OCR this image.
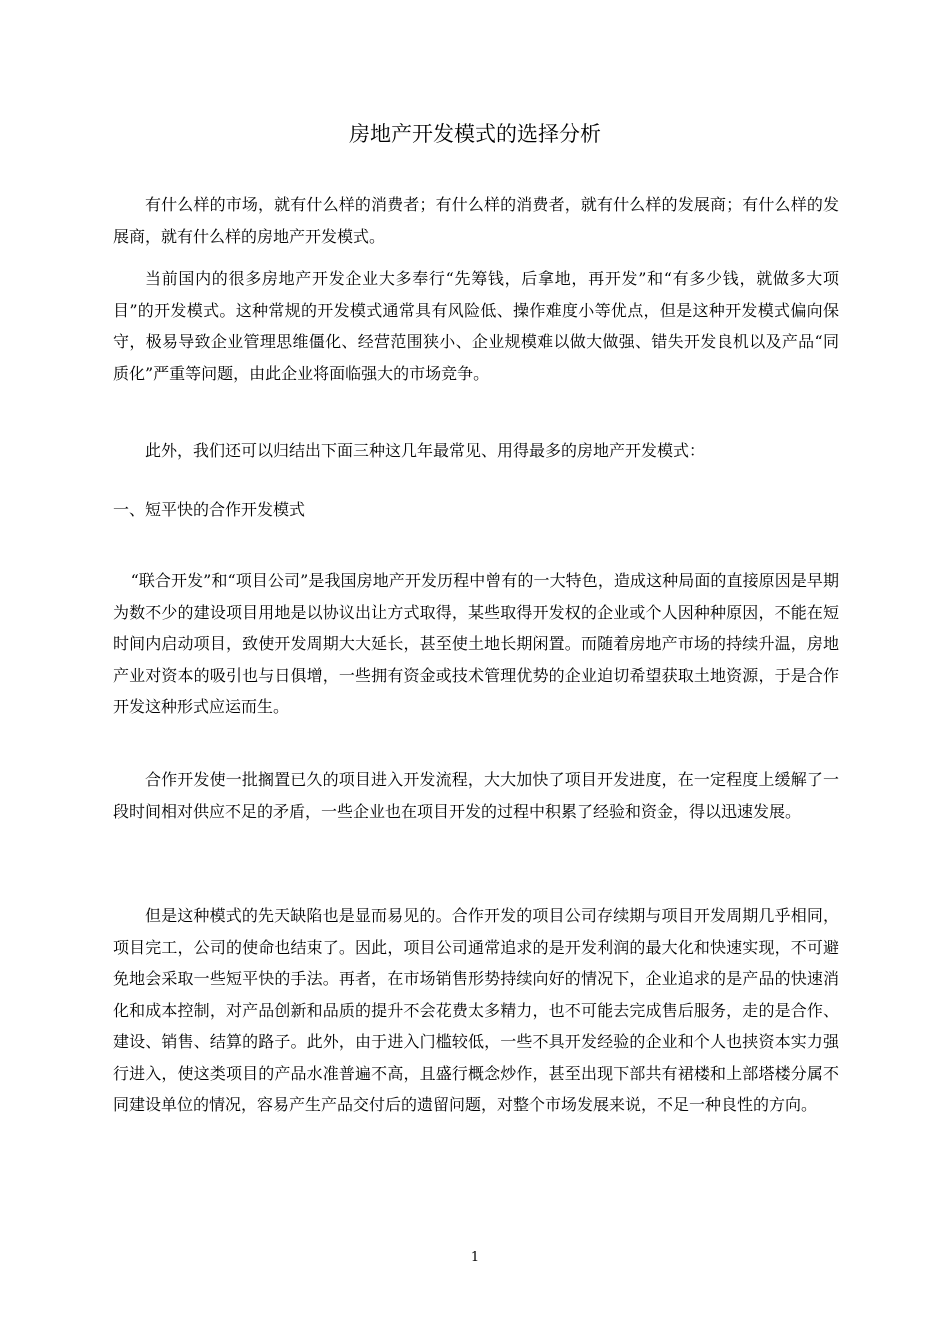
房地产开发模式的选择分析

有什么样的市场，就有什么样的消费者；有什么样的消费者，就有什么样的发展商；有什么样的发展商，就有什么样的房地产开发模式。

当前国内的很多房地产开发企业大多奉行“先筹钱，后拿地，再开发”和“有多少钱，就做多大项目”的开发模式。这种常规的开发模式通常具有风险低、操作难度小等优点，但是这种开发模式偏向保守，极易导致企业管理思维僵化、经营范围狭小、企业规模难以做大做强、错失开发良机以及产品“同质化”严重等问题，由此企业将面临强大的市场竞争。

此外，我们还可以归结出下面三种这几年最常见、用得最多的房地产开发模式：

一、短平快的合作开发模式

“联合开发”和“项目公司”是我国房地产开发历程中曾有的一大特色，造成这种局面的直接原因是早期为数不少的建设项目用地是以协议出让方式取得，某些取得开发权的企业或个人因种种原因，不能在短时间内启动项目，致使开发周期大大延长，甚至使土地长期闲置。而随着房地产市场的持续升温，房地产业对资本的吸引也与日俱增，一些拥有资金或技术管理优势的企业迫切希望获取土地资源，于是合作开发这种形式应运而生。

合作开发使一批搁置已久的项目进入开发流程，大大加快了项目开发进度，在一定程度上缓解了一段时间相对供应不足的矛盾，一些企业也在项目开发的过程中积累了经验和资金，得以迅速发展。

但是这种模式的先天缺陷也是显而易见的。合作开发的项目公司存续期与项目开发周期几乎相同，项目完工，公司的使命也结束了。因此，项目公司通常追求的是开发利润的最大化和快速实现，不可避免地会采取一些短平快的手法。再者，在市场销售形势持续向好的情况下，企业追求的是产品的快速消化和成本控制，对产品创新和品质的提升不会花费太多精力，也不可能去完成售后服务，走的是合作、建设、销售、结算的路子。此外，由于进入门槛较低，一些不具开发经验的企业和个人也挟资本实力强行进入，使这类项目的产品水准普遍不高，且盛行概念炒作，甚至出现下部共有裙楼和上部塔楼分属不同建设单位的情况，容易产生产品交付后的遗留问题，对整个市场发展来说，不足一种良性的方向。

1
